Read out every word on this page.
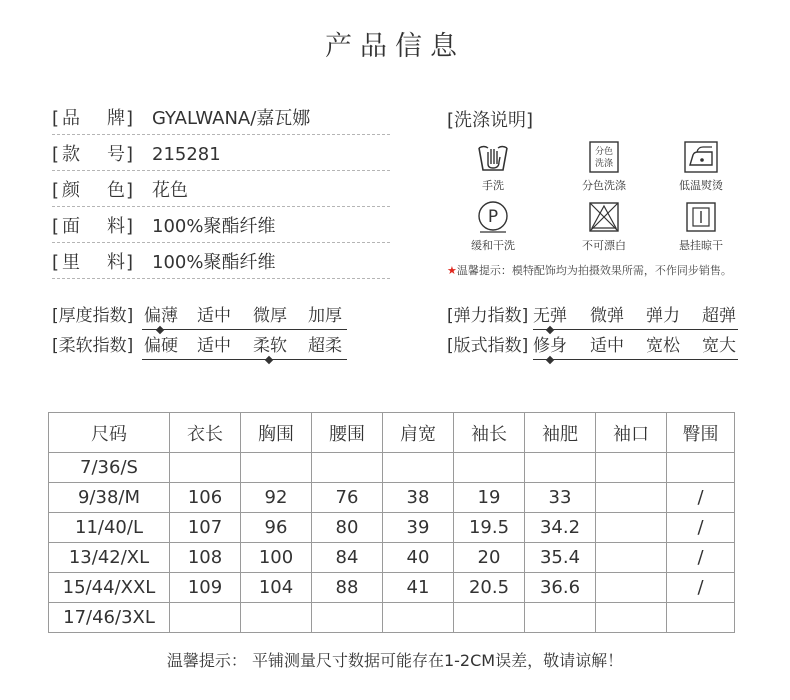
产品信息
[ 品 牌 ] GYALWANA/嘉瓦娜
[ 款 号 ] 215281
[ 颜 色 ] 花色
[ 面 料 ] 100%聚酯纤维
[ 里 料 ] 100%聚酯纤维
[洗涤说明]
手洗
分色
洗涤
分色洗涤	低温熨烫
P
缓和干洗	不可漂白	悬挂晾干
★温馨提示：模特配饰均为拍摄效果所需，不作同步销售。
[厚度指数] 偏薄 适中 微厚 加厚
[柔软指数] 偏硬 适中 柔软 超柔
[弹力指数] 无弹 微弹 弹力 超弹
[版式指数] 修身 适中 宽松 宽大
尺码	衣长	胸围	腰围	肩宽	袖长	袖肥	袖口	臀围
7/36/S								
9/38/M	106	92	76	38	19	33		/
11/40/L	107	96	80	39	19.5	34.2		/
13/42/XL	108	100	84	40	20	35.4		/
15/44/XXL	109	104	88	41	20.5	36.6		/
17/46/3XL								
温馨提示： 平铺测量尺寸数据可能存在1-2CM误差，敬请谅解！
